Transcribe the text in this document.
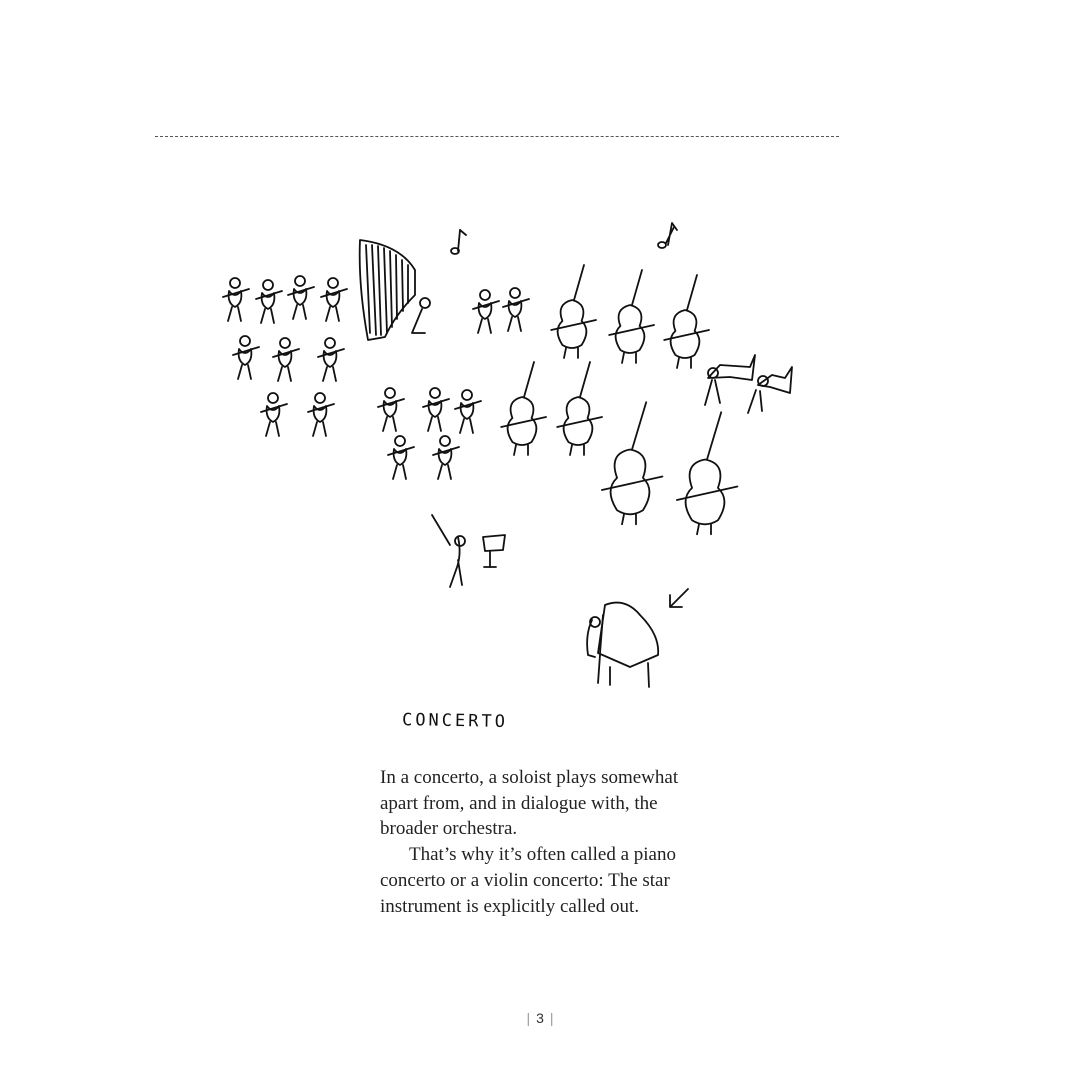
CONCERTO

In a concerto, a soloist plays somewhat apart from, and in dialogue with, the broader orchestra.

That’s why it’s often called a piano concerto or a violin concerto: The star instrument is explicitly called out.

| 3 |
